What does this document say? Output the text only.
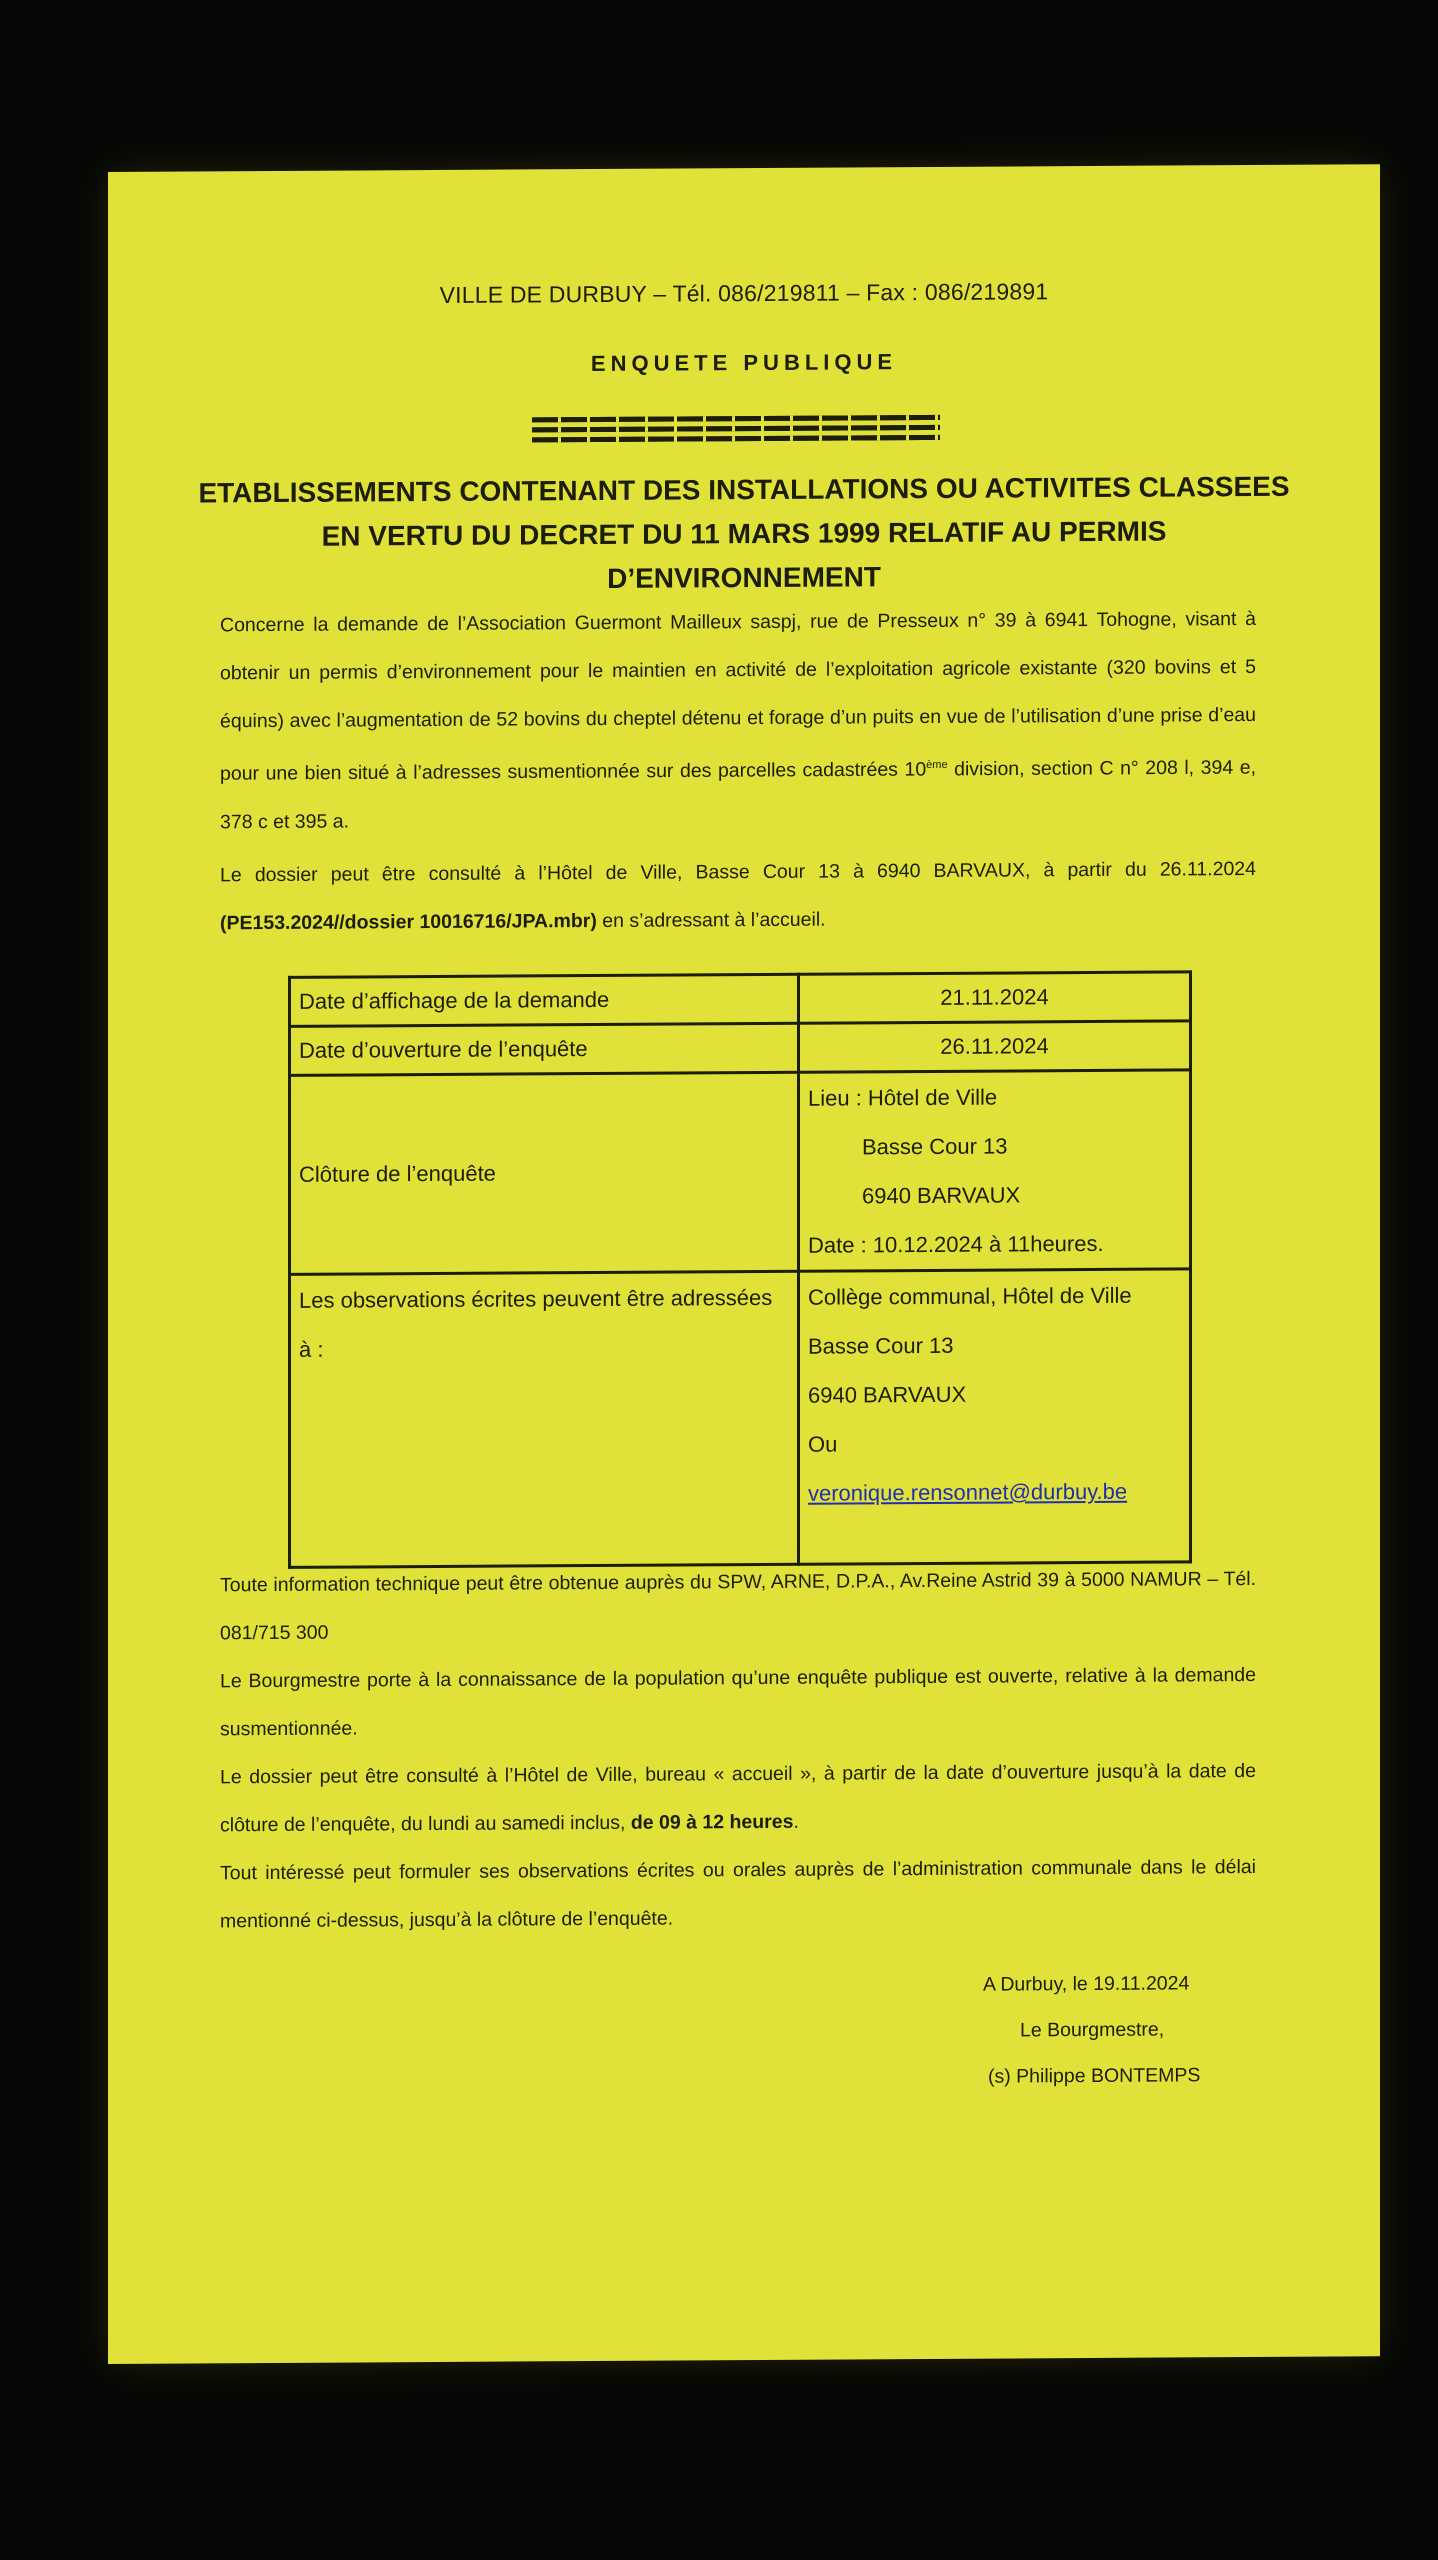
VILLE DE DURBUY – Tél. 086/219811 – Fax : 086/219891
ENQUETE PUBLIQUE
ETABLISSEMENTS CONTENANT DES INSTALLATIONS OU ACTIVITES CLASSEES EN VERTU DU DECRET DU 11 MARS 1999 RELATIF AU PERMIS D’ENVIRONNEMENT
Concerne la demande de l’Association Guermont Mailleux saspj, rue de Presseux n° 39 à 6941 Tohogne, visant à obtenir un permis d’environnement pour le maintien en activité de l’exploitation agricole existante (320 bovins et 5 équins) avec l’augmentation de 52 bovins du cheptel détenu et forage d’un puits en vue de l’utilisation d’une prise d’eau pour une bien situé à l’adresses susmentionnée sur des parcelles cadastrées 10ème division, section C n° 208 l, 394 e, 378 c et 395 a.
Le dossier peut être consulté à l’Hôtel de Ville, Basse Cour 13 à 6940 BARVAUX, à partir du 26.11.2024 (PE153.2024//dossier 10016716/JPA.mbr) en s’adressant à l’accueil.
Date d’affichage de la demande	21.11.2024
Date d’ouverture de l’enquête	26.11.2024
Clôture de l’enquête	Lieu : Hôtel de Ville
Basse Cour 13
6940 BARVAUX
Date : 10.12.2024 à 11heures.

Les observations écrites peuvent être adressées à :	Collège communal, Hôtel de Ville
Basse Cour 13
6940 BARVAUX
Ou
veronique.rensonnet@durbuy.be
Toute information technique peut être obtenue auprès du SPW, ARNE, D.P.A., Av.Reine Astrid 39 à 5000 NAMUR – Tél. 081/715 300
Le Bourgmestre porte à la connaissance de la population qu’une enquête publique est ouverte, relative à la demande susmentionnée.
Le dossier peut être consulté à l’Hôtel de Ville, bureau « accueil », à partir de la date d’ouverture jusqu’à la date de clôture de l’enquête, du lundi au samedi inclus, de 09 à 12 heures.
Tout intéressé peut formuler ses observations écrites ou orales auprès de l’administration communale dans le délai mentionné ci-dessus, jusqu’à la clôture de l’enquête.
A Durbuy, le 19.11.2024
Le Bourgmestre,
(s) Philippe BONTEMPS
